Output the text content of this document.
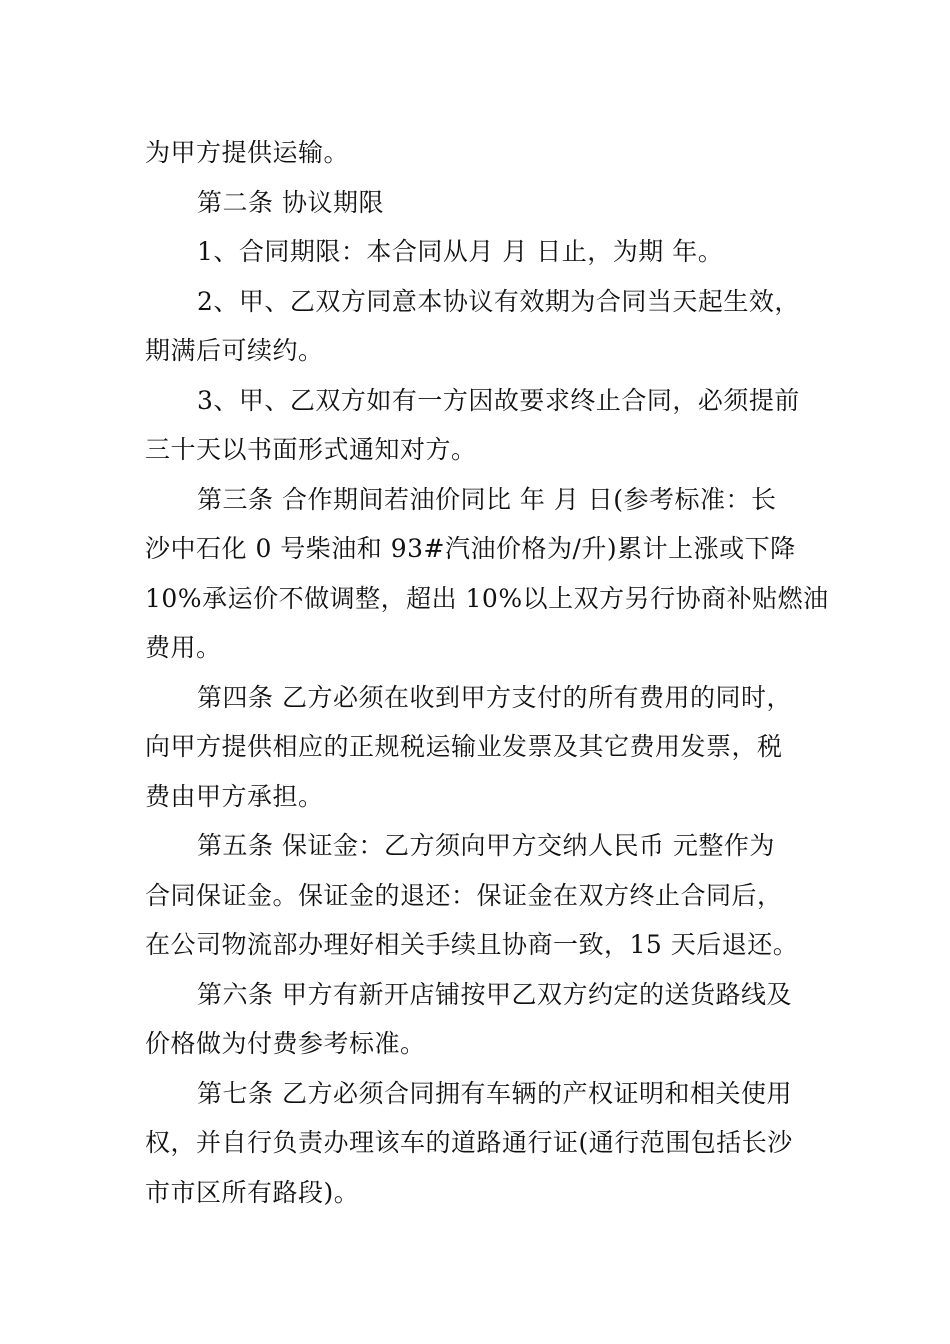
为甲方提供运输。
第二条 协议期限
1、合同期限：本合同从月 月 日止，为期 年。
2、甲、乙双方同意本协议有效期为合同当天起生效，
期满后可续约。
3、甲、乙双方如有一方因故要求终止合同，必须提前
三十天以书面形式通知对方。
第三条 合作期间若油价同比 年 月 日(参考标准：长
沙中石化 0 号柴油和 93#汽油价格为/升)累计上涨或下降
10%承运价不做调整，超出 10%以上双方另行协商补贴燃油
费用。
第四条 乙方必须在收到甲方支付的所有费用的同时，
向甲方提供相应的正规税运输业发票及其它费用发票，税
费由甲方承担。
第五条 保证金：乙方须向甲方交纳人民币 元整作为
合同保证金。保证金的退还：保证金在双方终止合同后，
在公司物流部办理好相关手续且协商一致，15 天后退还。
第六条 甲方有新开店铺按甲乙双方约定的送货路线及
价格做为付费参考标准。
第七条 乙方必须合同拥有车辆的产权证明和相关使用
权，并自行负责办理该车的道路通行证(通行范围包括长沙
市市区所有路段)。
